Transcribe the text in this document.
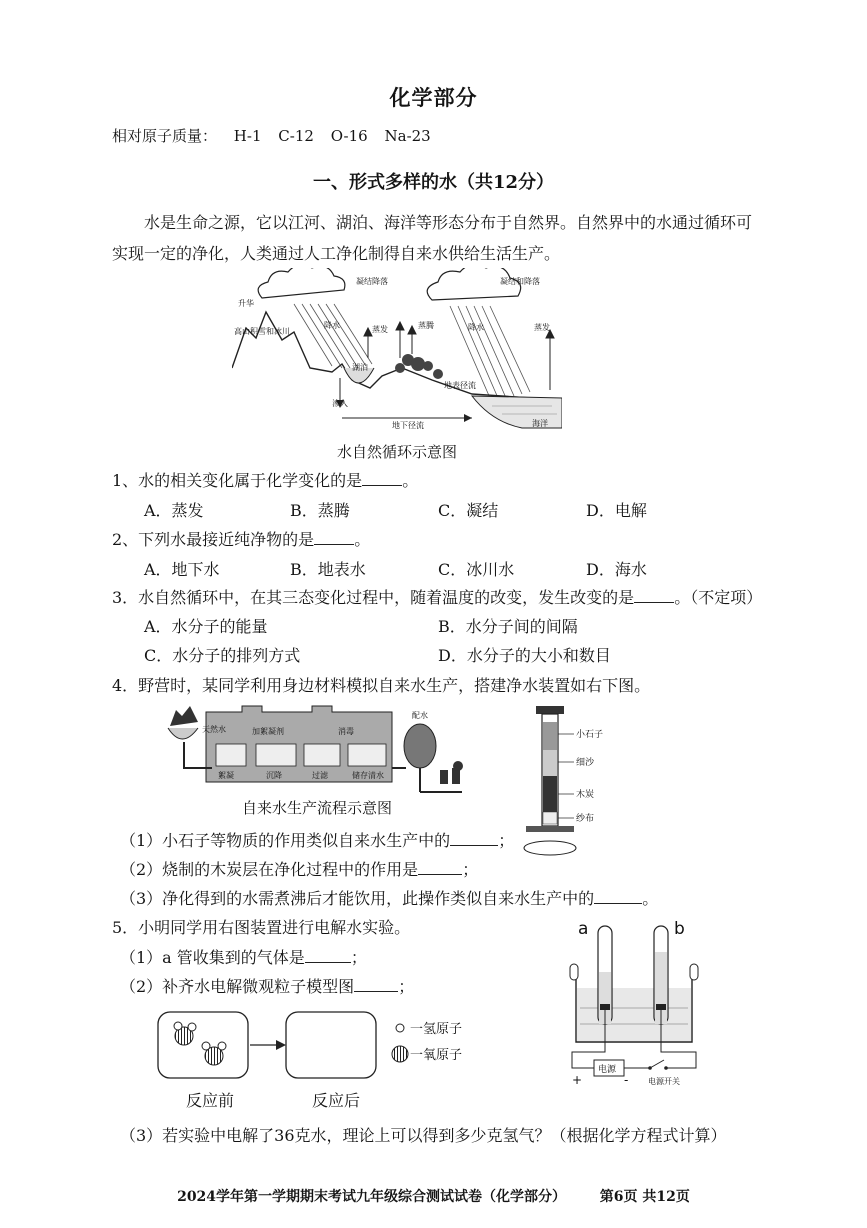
化学部分
相对原子质量： H-1 C-12 O-16 Na-23
一、形式多样的水（共12分）
水是生命之源，它以江河、湖泊、海洋等形态分布于自然界。自然界中的水通过循环可实现一定的净化，人类通过人工净化制得自来水供给生活生产。
凝结降落	凝结和降落
升华
高山积雪和冰川
降水	降水
蒸发	蒸发
蒸腾
湖泊
渗入
地表径流
地下径流	海洋
水自然循环示意图
1、水的相关变化属于化学变化的是	。
A．蒸发	B．蒸腾	C．凝结	D．电解
2、下列水最接近纯净物的是	。
A．地下水	B．地表水	C．冰川水	D．海水
3．水自然循环中，在其三态变化过程中，随着温度的改变，发生改变的是	。（不定项）
A．水分子的能量	B．水分子间的间隔
C．水分子的排列方式	D．水分子的大小和数目
4．野营时，某同学利用身边材料模拟自来水生产，搭建净水装置如右下图。
天然水	加絮凝剂	消毒
配水
絮凝	沉降	过滤	储存清水
自来水生产流程示意图
小石子
细沙
木炭
纱布
（1）小石子等物质的作用类似自来水生产中的	；
（2）烧制的木炭层在净化过程中的作用是	；
（3）净化得到的水需煮沸后才能饮用，此操作类似自来水生产中的	。
5．小明同学用右图装置进行电解水实验。
（1）a 管收集到的气体是	；
（2）补齐水电解微观粒子模型图	；
a	b
电源
+	- 电源开关
一氢原子
一氧原子
反应前	反应后
（3）若实验中电解了36克水，理论上可以得到多少克氢气？（根据化学方程式计算）
2024学年第一学期期末考试九年级综合测试试卷（化学部分） 第6页 共12页
